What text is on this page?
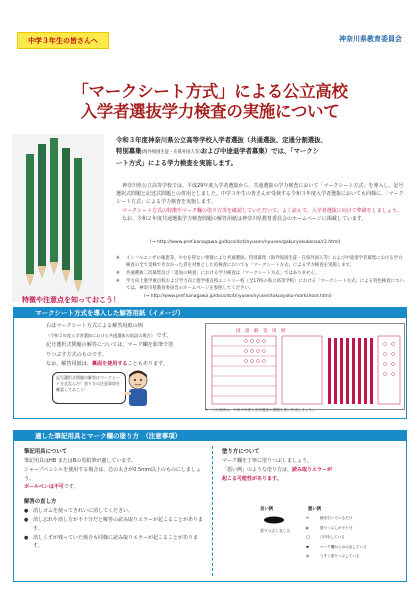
中学３年生の皆さんへ	神奈川県教育委員会
「マークシート方式」による公立高校
入学者選抜学力検査の実施について
令和３年度神奈川県公立高等学校入学者選抜（共通選抜、定通分割選抜、
特別募集(海外帰国生徒・在県外国人等)および中途退学者募集）では、「マークシ
ート方式」による学力検査を実施します。
神奈川県公立高等学校では、平成29年度入学者選抜から、共通選抜の学力検査において「マークシート方式」を導入し、記号選択式問題と記述式問題との併用としました。中学３年生の皆さんが受検する令和３年度入学者選抜においても同様に、「マークシート方式」による学力検査を実施します。
マークシート方式の特徴やマーク欄の塗り方等を確認していただいて、よく読んで、入学者選抜に向けて準備をしましょう。
なお、令和２年度共通選抜学力検査問題の解答用紙は神奈川県教育委員会のホームページに掲載しています。
(→ http://www.pref.kanagawa.jp/docs/dc4/nyusen/nyusen/gakuryokukensa/r2.html)
※	インフルエンザの罹患等、やむを得ない事情により共通選抜、特別募集（海外帰国生徒・在県外国人等）および中途退学者募集における学力検査の全て受検できなかった者を対象とした追検査においても「マークシート方式」による学力検査を実施します。
※	共通選抜二次募集及び「追加の検査」における学力検査は「マークシート方式」ではありません。
※	学力向上進学重点校および学力向上進学重点校エントリー校（全17校の県立高等学校）における「マークシート方式」による特色検査については、神奈川県教育委員会のホームページを参照してください。
(→ http://www.pref.kanagawa.jp/docs/dc4/nyusen/nyusen/tokusyoku-markshoot.html)
特徴や注意点を知っておこう！
マークシート方式を導入した解答用紙（イメージ）
右はマークシート方式による解答用紙の例
（令和２年度入学者選抜における共通選抜の国語の場合） です。記号選択式問題の解答については、マーク欄を鉛筆で塗りつぶす方式のものです。
なお、解答用紙は、裏面を使用することもあります。
記号選択式問題の解答はマークシート方式なんだ！塗り方の注意事項を確認しておこう！
国　語　解　答　用　紙
※　この用紙は、令和２年度入学者選抜の問題を基に作成しました。
適した筆記用具とマーク欄の塗り方　（注意事項）
筆記用具について
筆記用具はHB またはBの黒鉛筆が適しています。
シャープペンシルを使用する場合は、芯の太さが0.5mm以上のものにしましょう。
ボールペンは不可です。
解答の直し方
● 消しゴムを使ってきれいに消してください。
● 消し忘れや消し方が不十分だと解答の読み取りエラーが起こることがあります。
● 消しくずが残っていた場合も同様に読み取りエラーが起こることがあります。
塗り方について
マーク欄を丁寧に塗りつぶしましょう。
「悪い例」のような塗り方は、読み取りエラーが
起こる可能性があります。
良い例	悪い例
塗りつぶしました
⊖	線を引いているだけ
◐	塗りつぶしが不十分
◯	○印をしている
⬬	マーク欄からはみ出している
●	うすく塗りつぶしている
